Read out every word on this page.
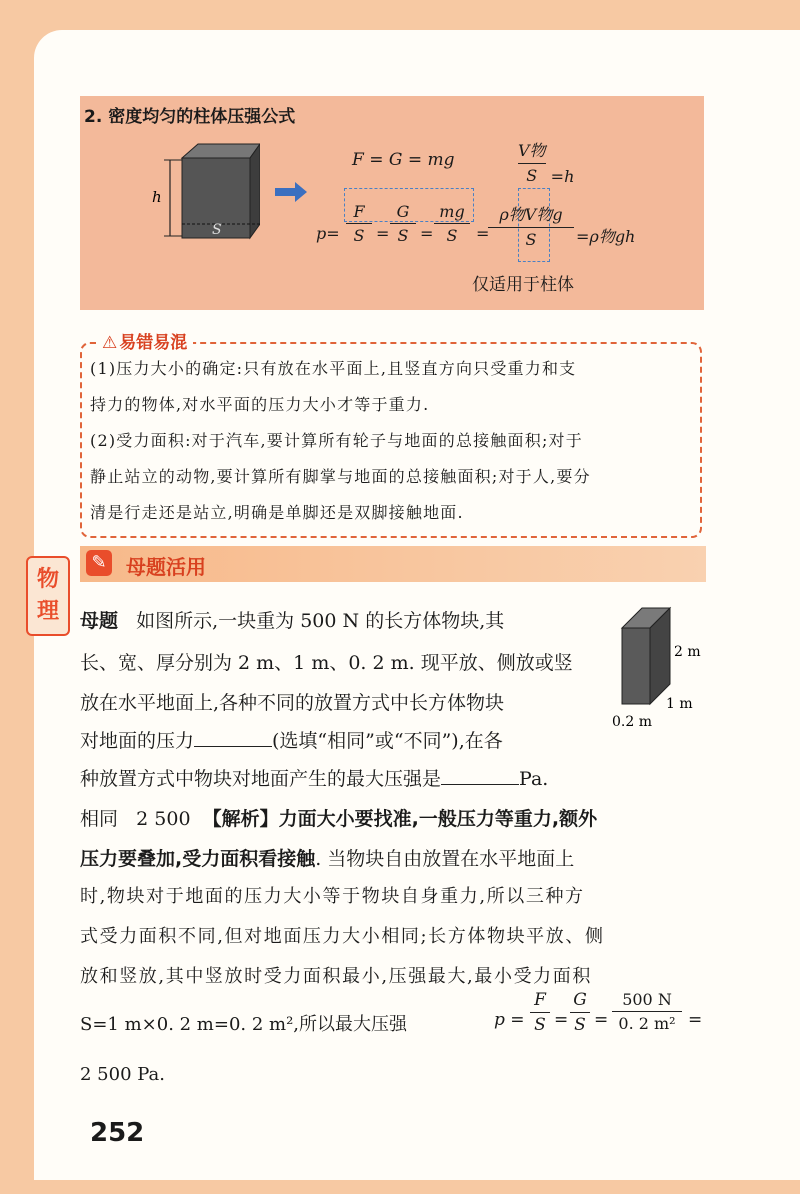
2. 密度均匀的柱体压强公式
h
S
F = G = mg	$\frac{\text{V物}}{S} =h$
p=
F
S =
G
S =
mg
S	=
ρ物V物g
S	=ρ物gh
仅适用于柱体
⚠ 易错易混
(1)压力大小的确定:只有放在水平面上,且竖直方向只受重力和支
持力的物体,对水平面的压力大小才等于重力.
(2)受力面积:对于汽车,要计算所有轮子与地面的总接触面积;对于
静止站立的动物,要计算所有脚掌与地面的总接触面积;对于人,要分
清是行走还是站立,明确是单脚还是双脚接触地面.
✎ 母题活用
物
理	母题 如图所示,一块重为 500 N 的长方体物块,其
长、宽、厚分别为 2 m、1 m、0. 2 m. 现平放、侧放或竖
放在水平地面上,各种不同的放置方式中长方体物块
对地面的压力	(选填“相同”或“不同”),在各
种放置方式中物块对地面产生的最大压强是	Pa.
2 m
1 m
0.2 m
相同 2 500 【解析】力面大小要找准,一般压力等重力,额外
压力要叠加,受力面积看接触. 当物块自由放置在水平地面上
时,物块对于地面的压力大小等于物块自身重力,所以三种方
式受力面积不同,但对地面压力大小相同;长方体物块平放、侧
放和竖放,其中竖放时受力面积最小,压强最大,最小受力面积
S=1 m×0. 2 m=0. 2 m²,所以最大压强	p =
F
S =
G
S =
500 N
0. 2 m² =
2 500 Pa.
252
